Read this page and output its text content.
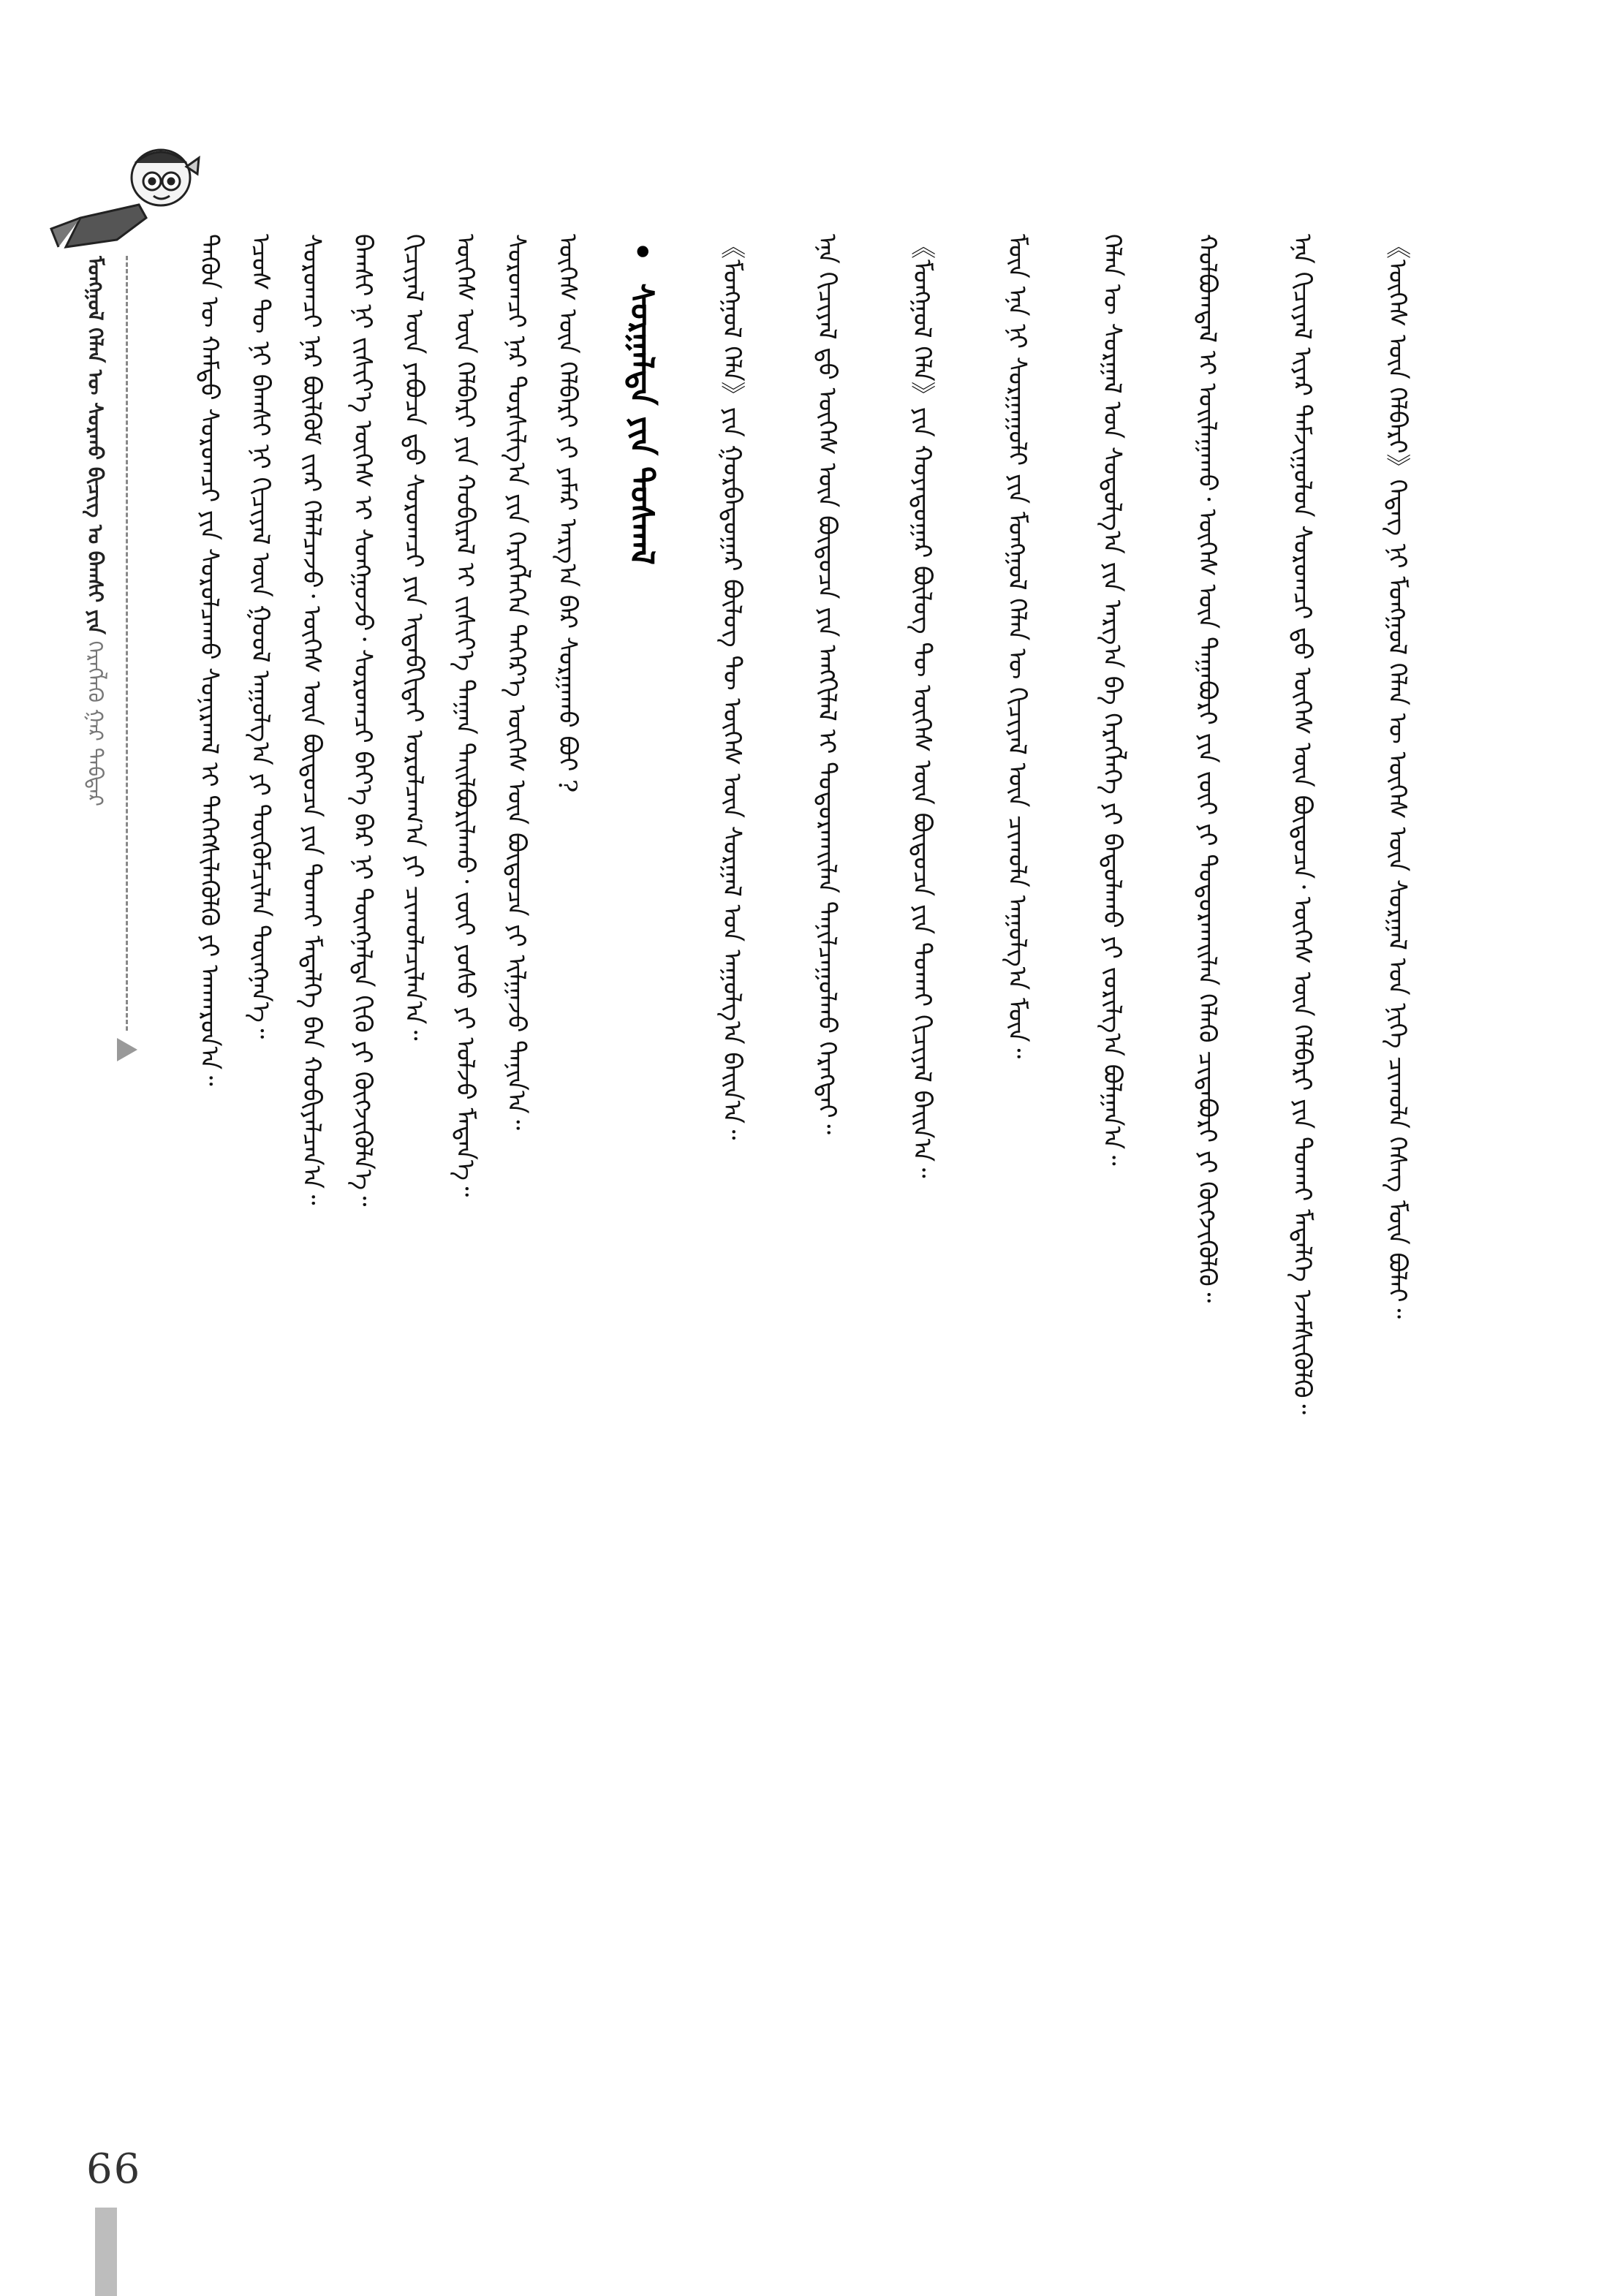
ᠮᠣᠩᠭᠣᠯ ᠬᠡᠯᠡᠨ ᠦ ᠰᠤᠷᠬᠤ ᠪᠢᠴᠢᠭ ᠤ ᠪᠠᠭᠰᠢ ᠶᠢᠨ ᠬᠡᠷᠡᠭᠯᠡᠬᠦ ᠭᠠᠷ ᠳᠡᠪᠲᠡᠷ	ᠲᠡᠭᠦᠨ ᠦ ᠬᠠᠮᠲᠤ ᠰᠤᠷᠤᠭᠴᠢ ᠶᠢᠨ ᠰᠤᠷᠤᠯᠴᠠᠬᠤ ᠰᠣᠨᠢᠷᠬᠠᠯ ᠢ ᠳᠡᠭᠡᠭᠰᠢᠯᠡᠭᠦᠯᠬᠦ ᠶᠢ ᠠᠨᠬᠠᠷᠤᠨ᠎ᠠ᠃ ᠡᠴᠦᠰ ᠲᠦ ᠨᠢ ᠪᠠᠭᠰᠢ ᠨᠢ ᠬᠢᠴᠢᠶᠡᠯ ᠦᠨ ᠭᠣᠣᠯ ᠠᠭᠤᠯᠭ᠎ᠠ ᠶᠢ ᠳᠦᠭᠦᠮᠴᠢᠯᠡᠨ ᠳᠦᠩᠨᠡᠨ᠎ᠡ᠃ ᠰᠤᠷᠤᠭᠴᠢ ᠨᠠᠷ ᠪᠦᠯᠬᠦᠮ ᠵᠢᠡᠷ ᠬᠡᠯᠡᠯᠴᠡᠵᠦ᠂ ᠦᠭᠡᠰ ᠦᠨ ᠪᠦᠲᠦᠴᠡ ᠶᠢᠨ ᠲᠤᠬᠠᠢ ᠮᠡᠳᠡᠯᠭᠡ ᠪᠡᠨ ᠬᠤᠪᠢᠶᠠᠯᠴᠠᠨ᠎ᠠ᠃ ᠪᠠᠭᠰᠢ ᠨᠢ ᠵᠢᠱᠢᠶ᠎ᠡ ᠦᠭᠡᠰ ᠢ ᠰᠣᠩᠭᠣᠵᠤ᠂ ᠰᠤᠷᠤᠭᠴᠢ ᠪᠡᠶ᠎ᠡ ᠪᠡᠷ ᠨᠢ ᠳᠦᠩᠨᠡᠯᠲᠡ ᠬᠢᠬᠦ ᠶᠢ ᠬᠥᠭᠵᠢᠭᠦᠯᠨ᠎ᠡ᠃ ᠬᠢᠴᠢᠶᠡᠯ ᠦᠨ ᠶᠠᠪᠤᠴᠠ ᠳ᠋ᠤ ᠰᠤᠷᠤᠭᠴᠢ ᠶᠢᠨ ᠢᠳᠡᠪᠬᠢᠲᠡᠢ ᠣᠷᠣᠯᠴᠠᠭ᠎ᠠ ᠶᠢ ᠴᠢᠬᠤᠯᠠᠴᠢᠯᠠᠨ᠎ᠠ᠃ ᠦᠭᠡᠰ ᠦᠨ ᠬᠡᠯᠪᠡᠷᠢ ᠶᠢᠨ ᠬᠤᠪᠢᠷᠠᠯ ᠢ ᠵᠢᠱᠢᠶ᠎ᠡ ᠳᠠᠭᠠᠨ ᠲᠠᠢᠯᠪᠤᠷᠢᠯᠠᠬᠤ᠂ ᠵᠦᠢ ᠶᠣᠰᠣ ᠶᠢ ᠣᠯᠵᠤ ᠮᠡᠳᠡᠨ᠎ᠡ᠃ ᠰᠤᠷᠤᠭᠴᠢ ᠨᠠᠷ ᠲᠤᠷᠰᠢᠯᠭ᠎ᠠ ᠶᠢᠨ ᠬᠡᠷᠡᠭᠯᠡᠭᠡᠨ ᠳᠡᠭᠡᠷ᠎ᠡ ᠦᠭᠡᠰ ᠦᠨ ᠪᠦᠲᠦᠴᠡ ᠶᠢ ᠢᠯᠭᠠᠵᠤ ᠲᠠᠨᠢᠨ᠎ᠠ᠃ ᠦᠭᠡᠰ ᠦᠨ ᠬᠡᠯᠪᠡᠷᠢ ᠶᠢ ᠶᠠᠮᠠᠷ ᠠᠷᠭ᠎ᠠ ᠪᠠᠷ ᠰᠤᠷᠭᠠᠬᠤ ᠪᠤᠢ ?	• ᠰᠤᠷᠭᠠᠯᠲᠠ ᠶᠢᠨ ᠲᠣᠰᠬᠠᠯ	《ᠮᠣᠩᠭᠣᠯ ᠬᠡᠯᠡ》ᠶᠢᠨ ᠭᠤᠷᠪᠠᠳᠤᠭᠠᠷ ᠪᠦᠯᠦᠭ ᠲᠦ ᠦᠭᠡᠰ ᠦᠨ ᠰᠤᠷᠭᠠᠯ ᠤᠨ ᠠᠭᠤᠯᠭ᠎ᠠ ᠪᠠᠢᠨ᠎ᠠ᠃	ᠡᠨᠡ ᠬᠢᠴᠢᠶᠡᠯ ᠳ᠋ᠤ ᠦᠭᠡᠰ ᠦᠨ ᠪᠦᠲᠦᠴᠡ ᠶᠢᠨ ᠠᠩᠭᠢᠯᠠᠯ ᠢ ᠲᠣᠳᠣᠷᠬᠠᠢᠯᠠᠨ ᠲᠠᠨᠢᠯᠴᠠᠭᠤᠯᠬᠤ ᠬᠡᠷᠡᠭᠲᠡᠢ᠃	《ᠮᠣᠩᠭᠣᠯ ᠬᠡᠯᠡ》ᠶᠢᠨ ᠬᠣᠶᠠᠳᠤᠭᠠᠷ ᠪᠦᠯᠦᠭ ᠲᠦ ᠦᠭᠡᠰ ᠦᠨ ᠪᠦᠲᠦᠴᠡ ᠶᠢᠨ ᠲᠤᠬᠠᠢ ᠬᠢᠴᠢᠶᠡᠯ ᠪᠠᠢᠨ᠎ᠠ᠃	ᠮᠥᠨ ᠡᠨᠡ ᠨᠢ ᠰᠤᠷᠭᠠᠭᠤᠯᠢ ᠶᠢᠨ ᠮᠣᠩᠭᠣᠯ ᠬᠡᠯᠡᠨ ᠦ ᠬᠢᠴᠢᠶᠡᠯ ᠦᠨ ᠴᠢᠬᠤᠯᠠ ᠠᠭᠤᠯᠭ᠎ᠠ ᠮᠥᠨ᠃	ᠬᠡᠯᠡᠨ ᠦ ᠰᠤᠷᠭᠠᠯ ᠤᠨ ᠰᠤᠳᠤᠯᠭ᠎ᠠ ᠶᠢᠨ ᠠᠷᠭ᠎ᠠ ᠪᠠ ᠬᠡᠷᠡᠭᠯᠡᠭᠡ ᠶᠢ ᠪᠠᠳᠤᠯᠠᠬᠤ ᠶᠢ ᠵᠣᠷᠢᠯᠭ᠎ᠠ ᠪᠣᠯᠭᠠᠨ᠎ᠠ᠃	ᠬᠣᠯᠪᠣᠭᠳᠠᠯ ᠢ ᠣᠢᠯᠠᠭᠠᠬᠤ᠂ ᠦᠭᠡᠰ ᠦᠨ ᠳᠠᠭᠠᠪᠤᠷᠢ ᠶᠢᠨ ᠵᠦᠢ ᠶᠢ ᠲᠣᠳᠣᠷᠬᠠᠢᠯᠠᠨ ᠬᠡᠯᠡᠬᠦ ᠴᠢᠳᠠᠪᠤᠷᠢ ᠶᠢ ᠬᠥᠭᠵᠢᠭᠦᠯᠬᠦ᠃	ᠡᠨᠡ ᠬᠢᠴᠢᠶᠡᠯ ᠢᠶᠡᠷ ᠳᠠᠮᠵᠢᠭᠤᠯᠤᠨ ᠰᠤᠷᠤᠭᠴᠢ ᠳ᠋ᠤ ᠦᠭᠡᠰ ᠦᠨ ᠪᠦᠲᠦᠴᠡ᠂ ᠦᠭᠡᠰ ᠦᠨ ᠬᠡᠯᠪᠡᠷᠢ ᠶᠢᠨ ᠲᠤᠬᠠᠢ ᠮᠡᠳᠡᠯᠭᠡ ᠡᠵᠡᠮᠰᠢᠭᠦᠯᠬᠦ᠃	《ᠦᠭᠡᠰ ᠦᠨ ᠬᠡᠯᠪᠡᠷᠢ》ᠭᠡᠳᠡᠭ ᠨᠢ ᠮᠣᠩᠭᠣᠯ ᠬᠡᠯᠡᠨ ᠦ ᠦᠭᠡᠰ ᠦᠨ ᠰᠤᠷᠭᠠᠯ ᠤᠨ ᠨᠢᠭᠡ ᠴᠢᠬᠤᠯᠠ ᠬᠡᠰᠡᠭ ᠮᠥᠨ ᠪᠣᠯᠠᠢ᠃
66
